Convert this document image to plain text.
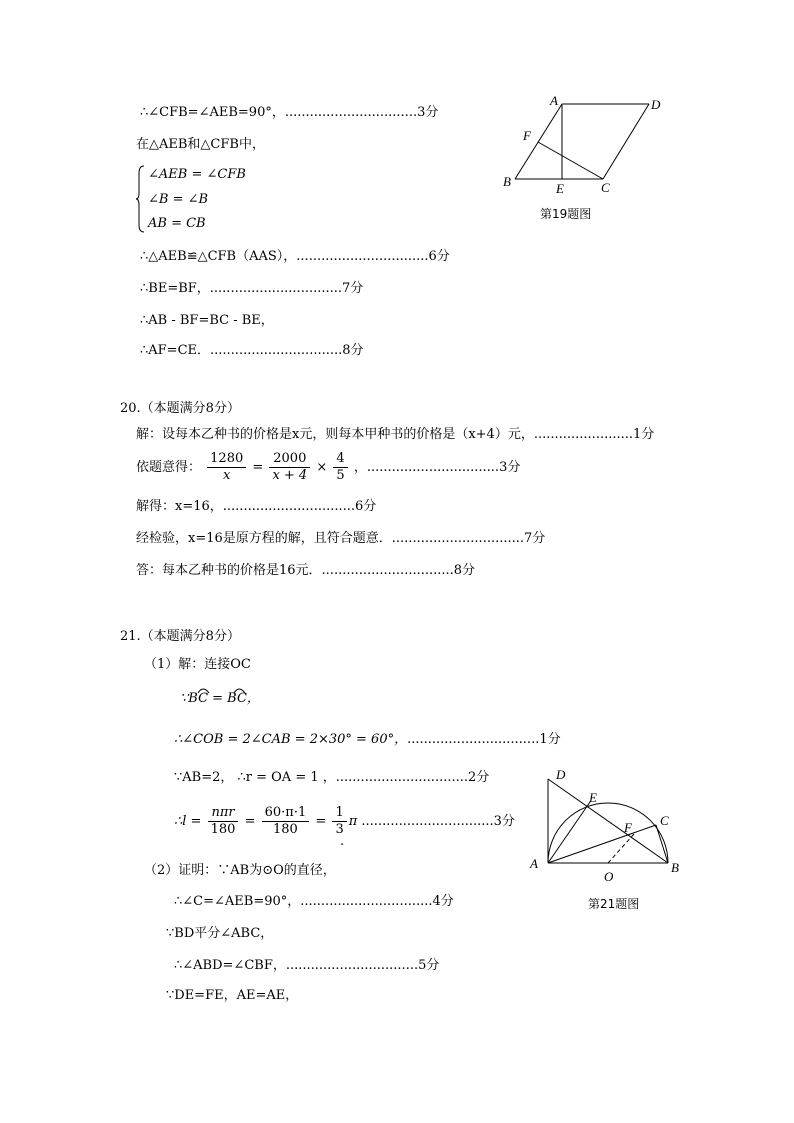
∴∠CFB=∠AEB=90°，................................3分
在△AEB和△CFB中，
∠AEB = ∠CFB
∠B = ∠B
AB = CB
∴△AEB≌△CFB（AAS），................................6分
∴BE=BF，................................7分
∴AB - BF=BC - BE，
∴AF=CE．................................8分
A	D
F
B	E	C
第19题图
20.（本题满分8分）
解：设每本乙种书的价格是x元，则每本甲种书的价格是（x+4）元，........................1分
依题意得： $\frac{1280}{x} = \frac{2000}{x + 4} \times \frac{4}{5}$ ，................................3分
解得：x=16，................................6分
经检验，x=16是原方程的解，且符合题意．................................7分
答：每本乙种书的价格是16元．................................8分
21.（本题满分8分）
（1）解：连接OC
∵BC = BC，
∴∠COB = 2∠CAB = 2×30° = 60°，................................1分
∵AB=2， ∴r = OA = 1 ，................................2分
∴l = $\frac{\text{nπr}}{180} = \frac{60\cdot\pi\cdot 1}{180} = \frac{1}{3}$ π ................................3分
.
（2）证明：∵AB为⊙O的直径，
∴∠C=∠AEB=90°，................................4分
∵BD平分∠ABC，
∴∠ABD=∠CBF，................................5分
∵DE=FE，AE=AE，
D
E
C
F
A
O
B
第21题图
